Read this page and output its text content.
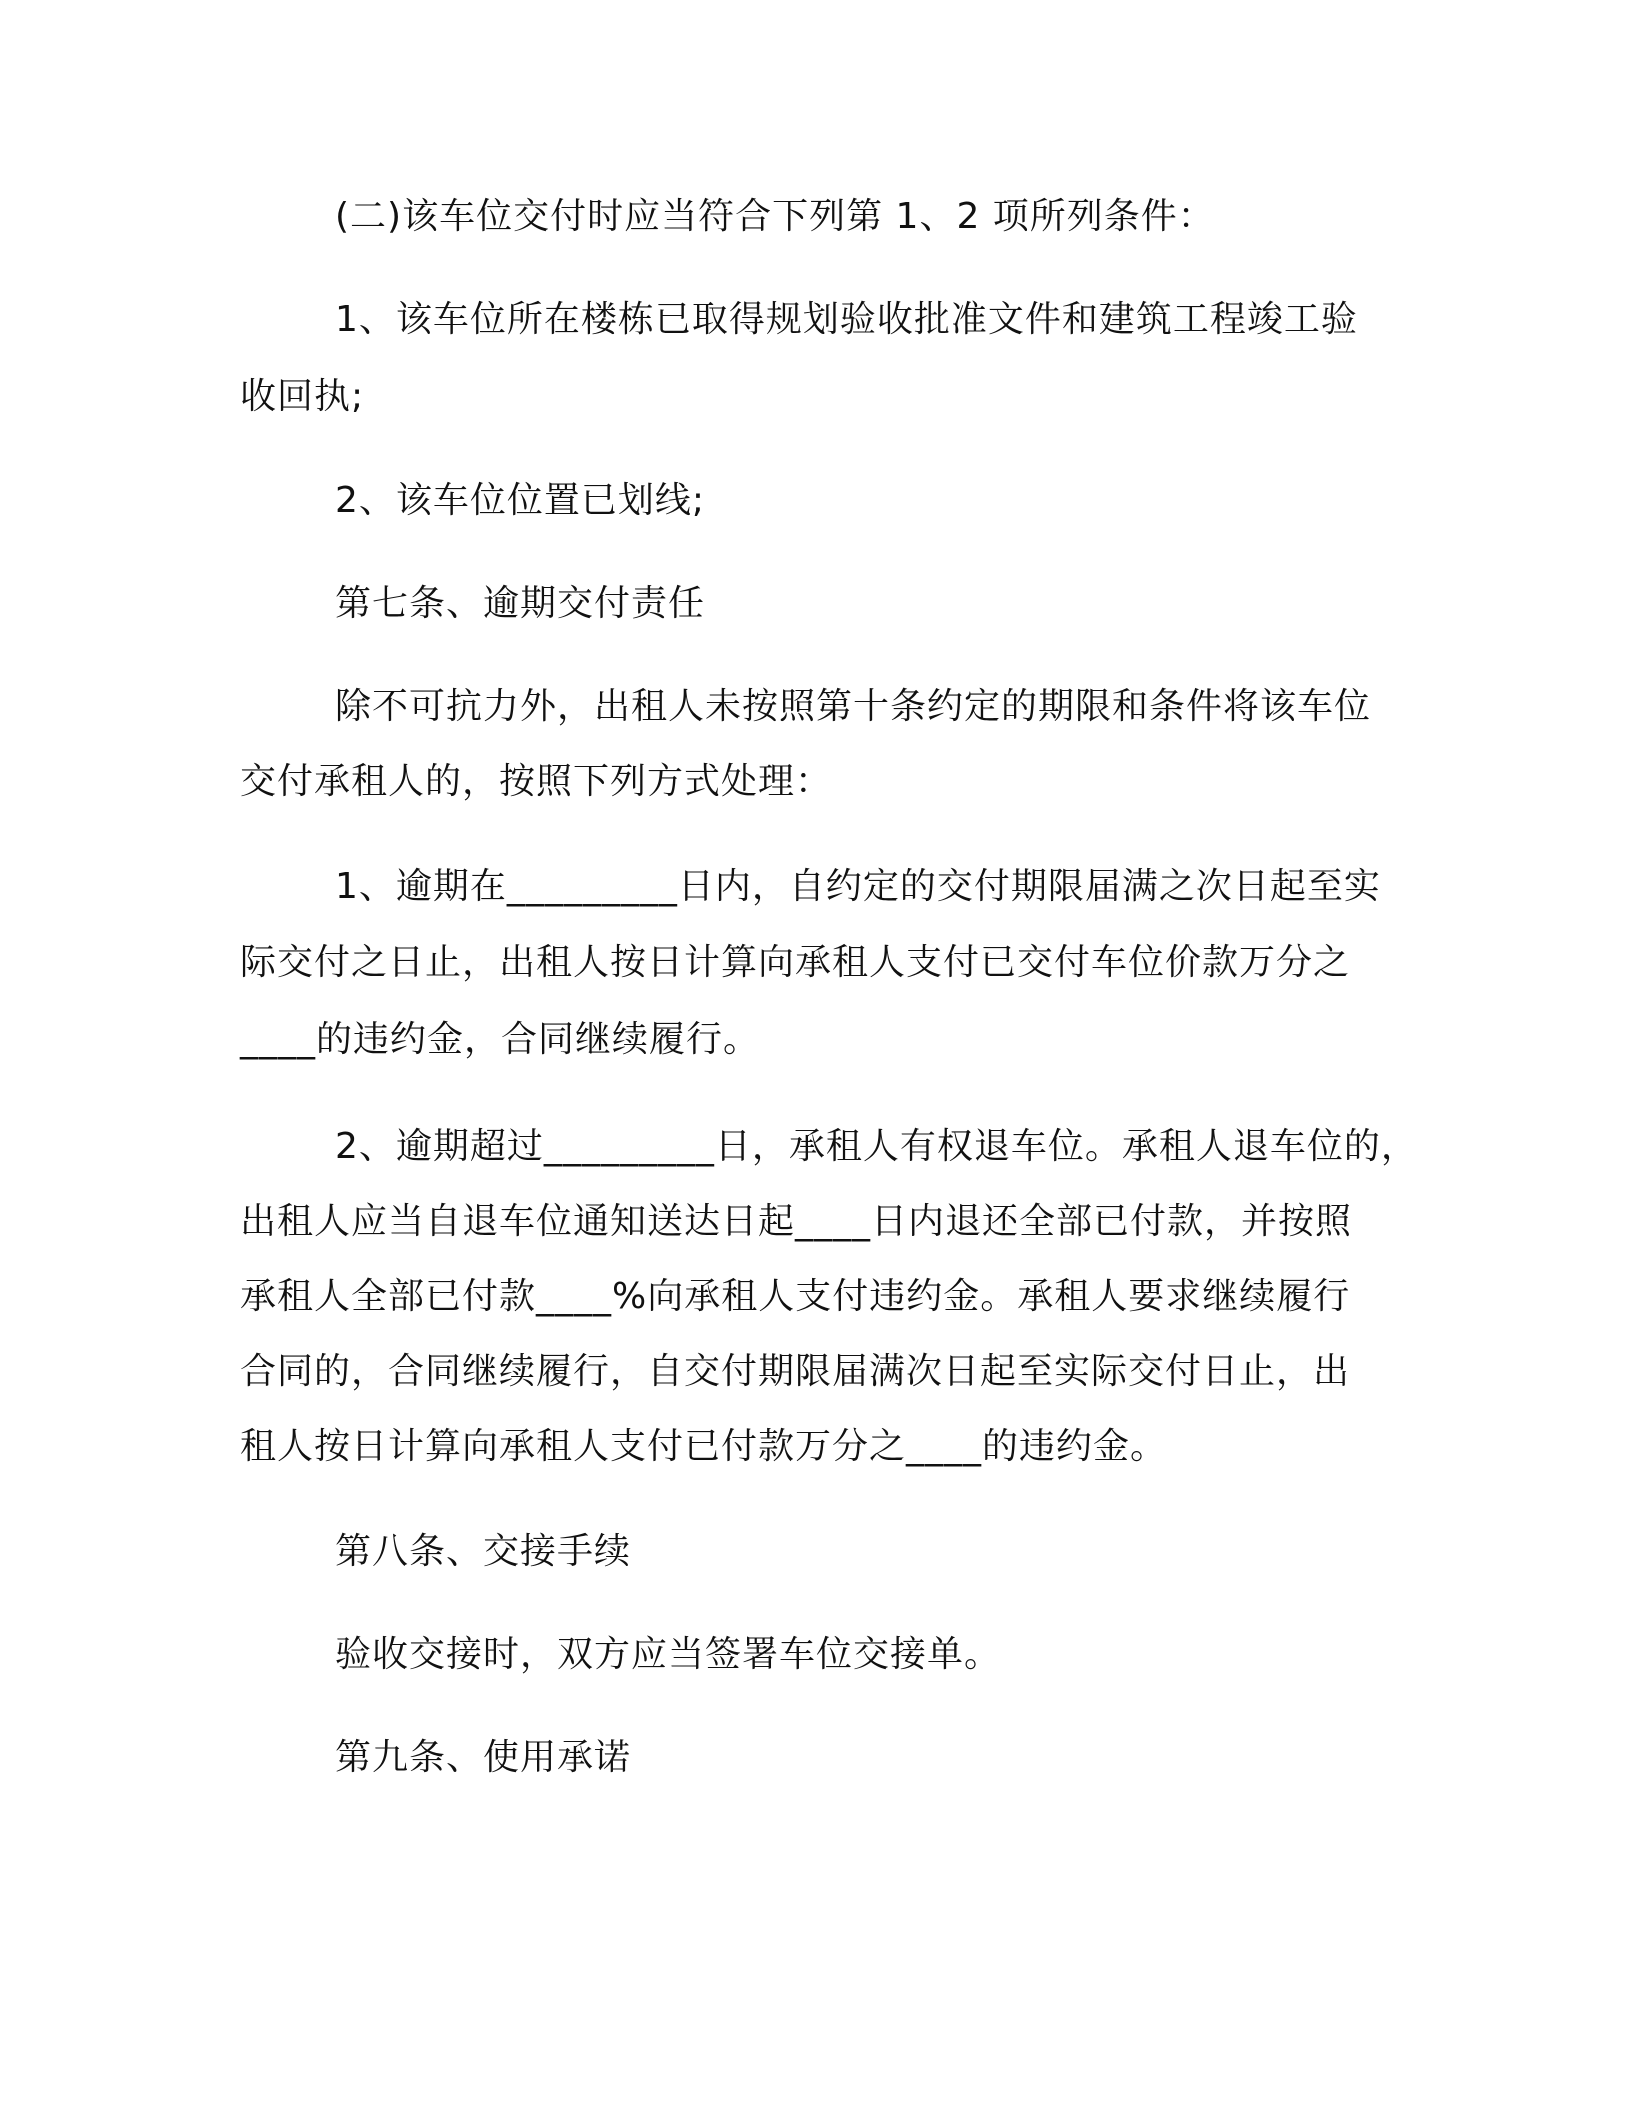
(二)该车位交付时应当符合下列第 1、2 项所列条件：
1、该车位所在楼栋已取得规划验收批准文件和建筑工程竣工验
收回执;
2、该车位位置已划线;
第七条、逾期交付责任
除不可抗力外，出租人未按照第十条约定的期限和条件将该车位
交付承租人的，按照下列方式处理：
1、逾期在_________日内，自约定的交付期限届满之次日起至实
际交付之日止，出租人按日计算向承租人支付已交付车位价款万分之
____的违约金，合同继续履行。
2、逾期超过_________日，承租人有权退车位。承租人退车位的，
出租人应当自退车位通知送达日起____日内退还全部已付款，并按照
承租人全部已付款____%向承租人支付违约金。承租人要求继续履行
合同的，合同继续履行，自交付期限届满次日起至实际交付日止，出
租人按日计算向承租人支付已付款万分之____的违约金。
第八条、交接手续
验收交接时，双方应当签署车位交接单。
第九条、使用承诺
